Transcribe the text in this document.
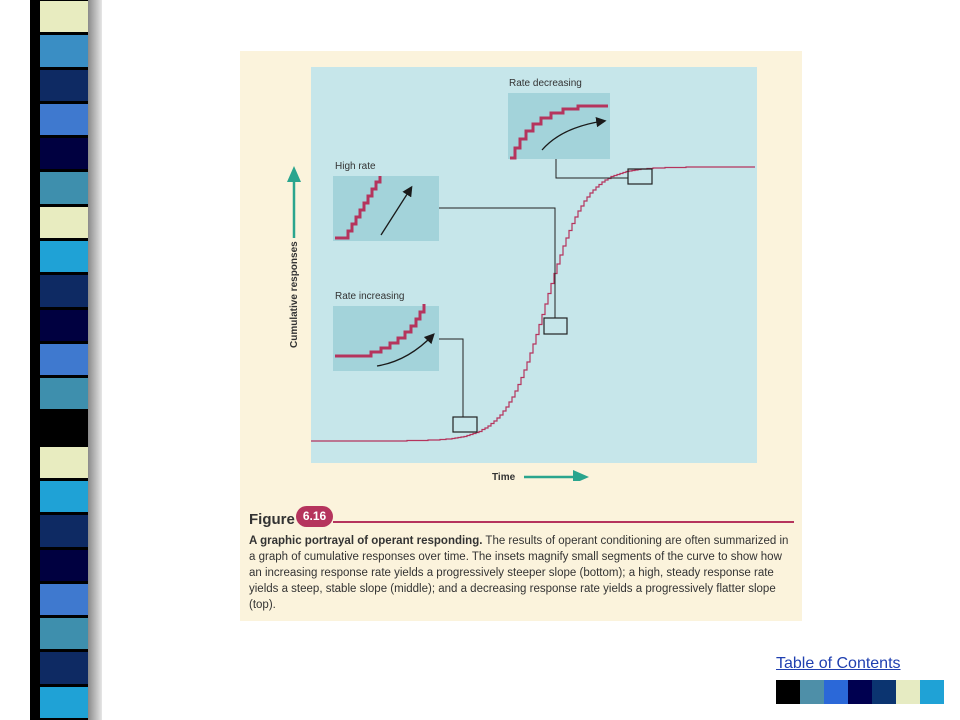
Rate decreasing
High rate
Rate increasing
Cumulative responses
Time
Figure 6.16
A graphic portrayal of operant responding. The results of operant conditioning are often summarized in a graph of cumulative responses over time. The insets magnify small segments of the curve to show how an increasing response rate yields a progressively steeper slope (bottom); a high, steady response rate yields a steep, stable slope (middle); and a decreasing response rate yields a progressively flatter slope (top).
Table of Contents
